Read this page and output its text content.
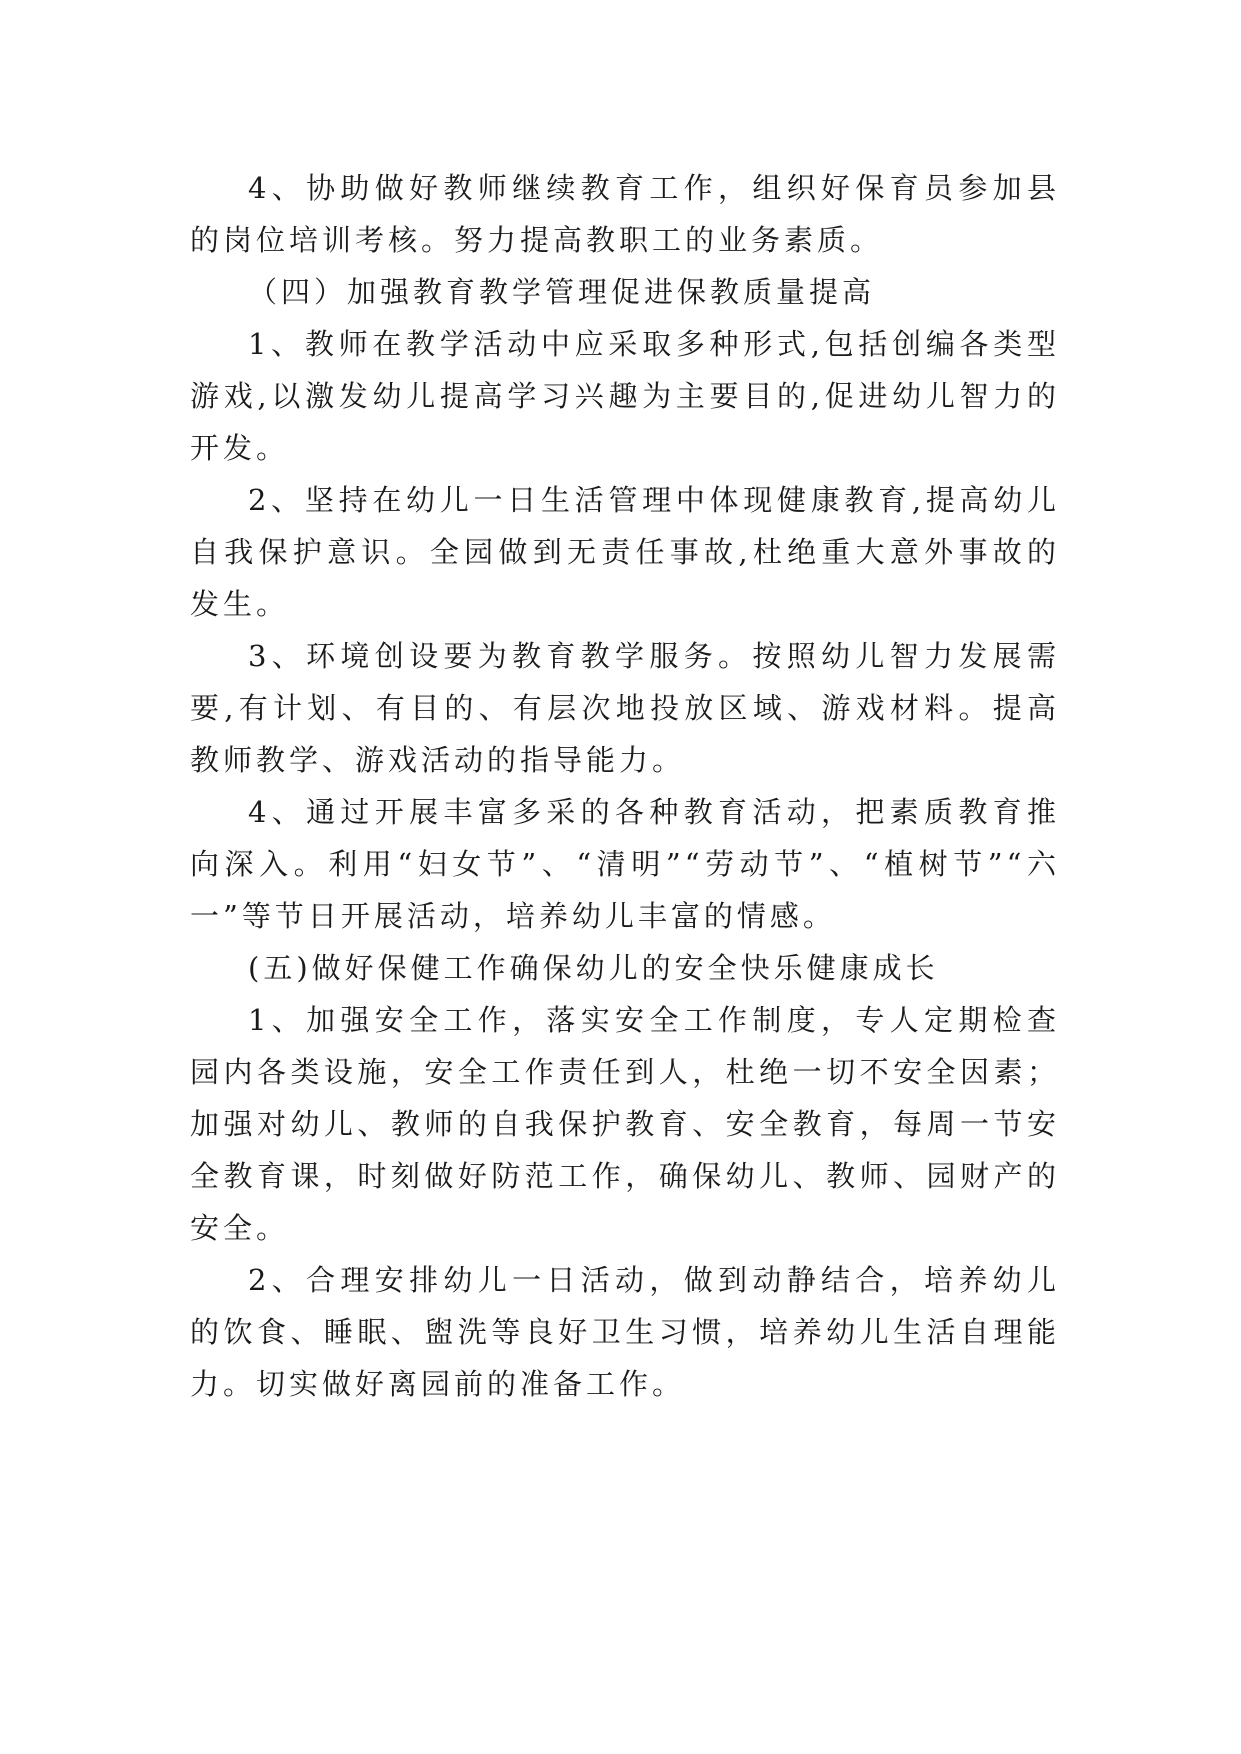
4、协助做好教师继续教育工作，组织好保育员参加县的岗位培训考核。努力提高教职工的业务素质。

（四）加强教育教学管理促进保教质量提高

1、教师在教学活动中应采取多种形式,包括创编各类型游戏,以激发幼儿提高学习兴趣为主要目的,促进幼儿智力的开发。

2、坚持在幼儿一日生活管理中体现健康教育,提高幼儿自我保护意识。全园做到无责任事故,杜绝重大意外事故的发生。

3、环境创设要为教育教学服务。按照幼儿智力发展需要,有计划、有目的、有层次地投放区域、游戏材料。提高教师教学、游戏活动的指导能力。

4、通过开展丰富多采的各种教育活动，把素质教育推向深入。利用“妇女节”、“清明”“劳动节”、“植树节”“六一”等节日开展活动，培养幼儿丰富的情感。

(五)做好保健工作确保幼儿的安全快乐健康成长

1、加强安全工作，落实安全工作制度，专人定期检查园内各类设施，安全工作责任到人，杜绝一切不安全因素；加强对幼儿、教师的自我保护教育、安全教育，每周一节安全教育课，时刻做好防范工作，确保幼儿、教师、园财产的安全。

2、合理安排幼儿一日活动，做到动静结合，培养幼儿的饮食、睡眠、盥洗等良好卫生习惯，培养幼儿生活自理能力。切实做好离园前的准备工作。
